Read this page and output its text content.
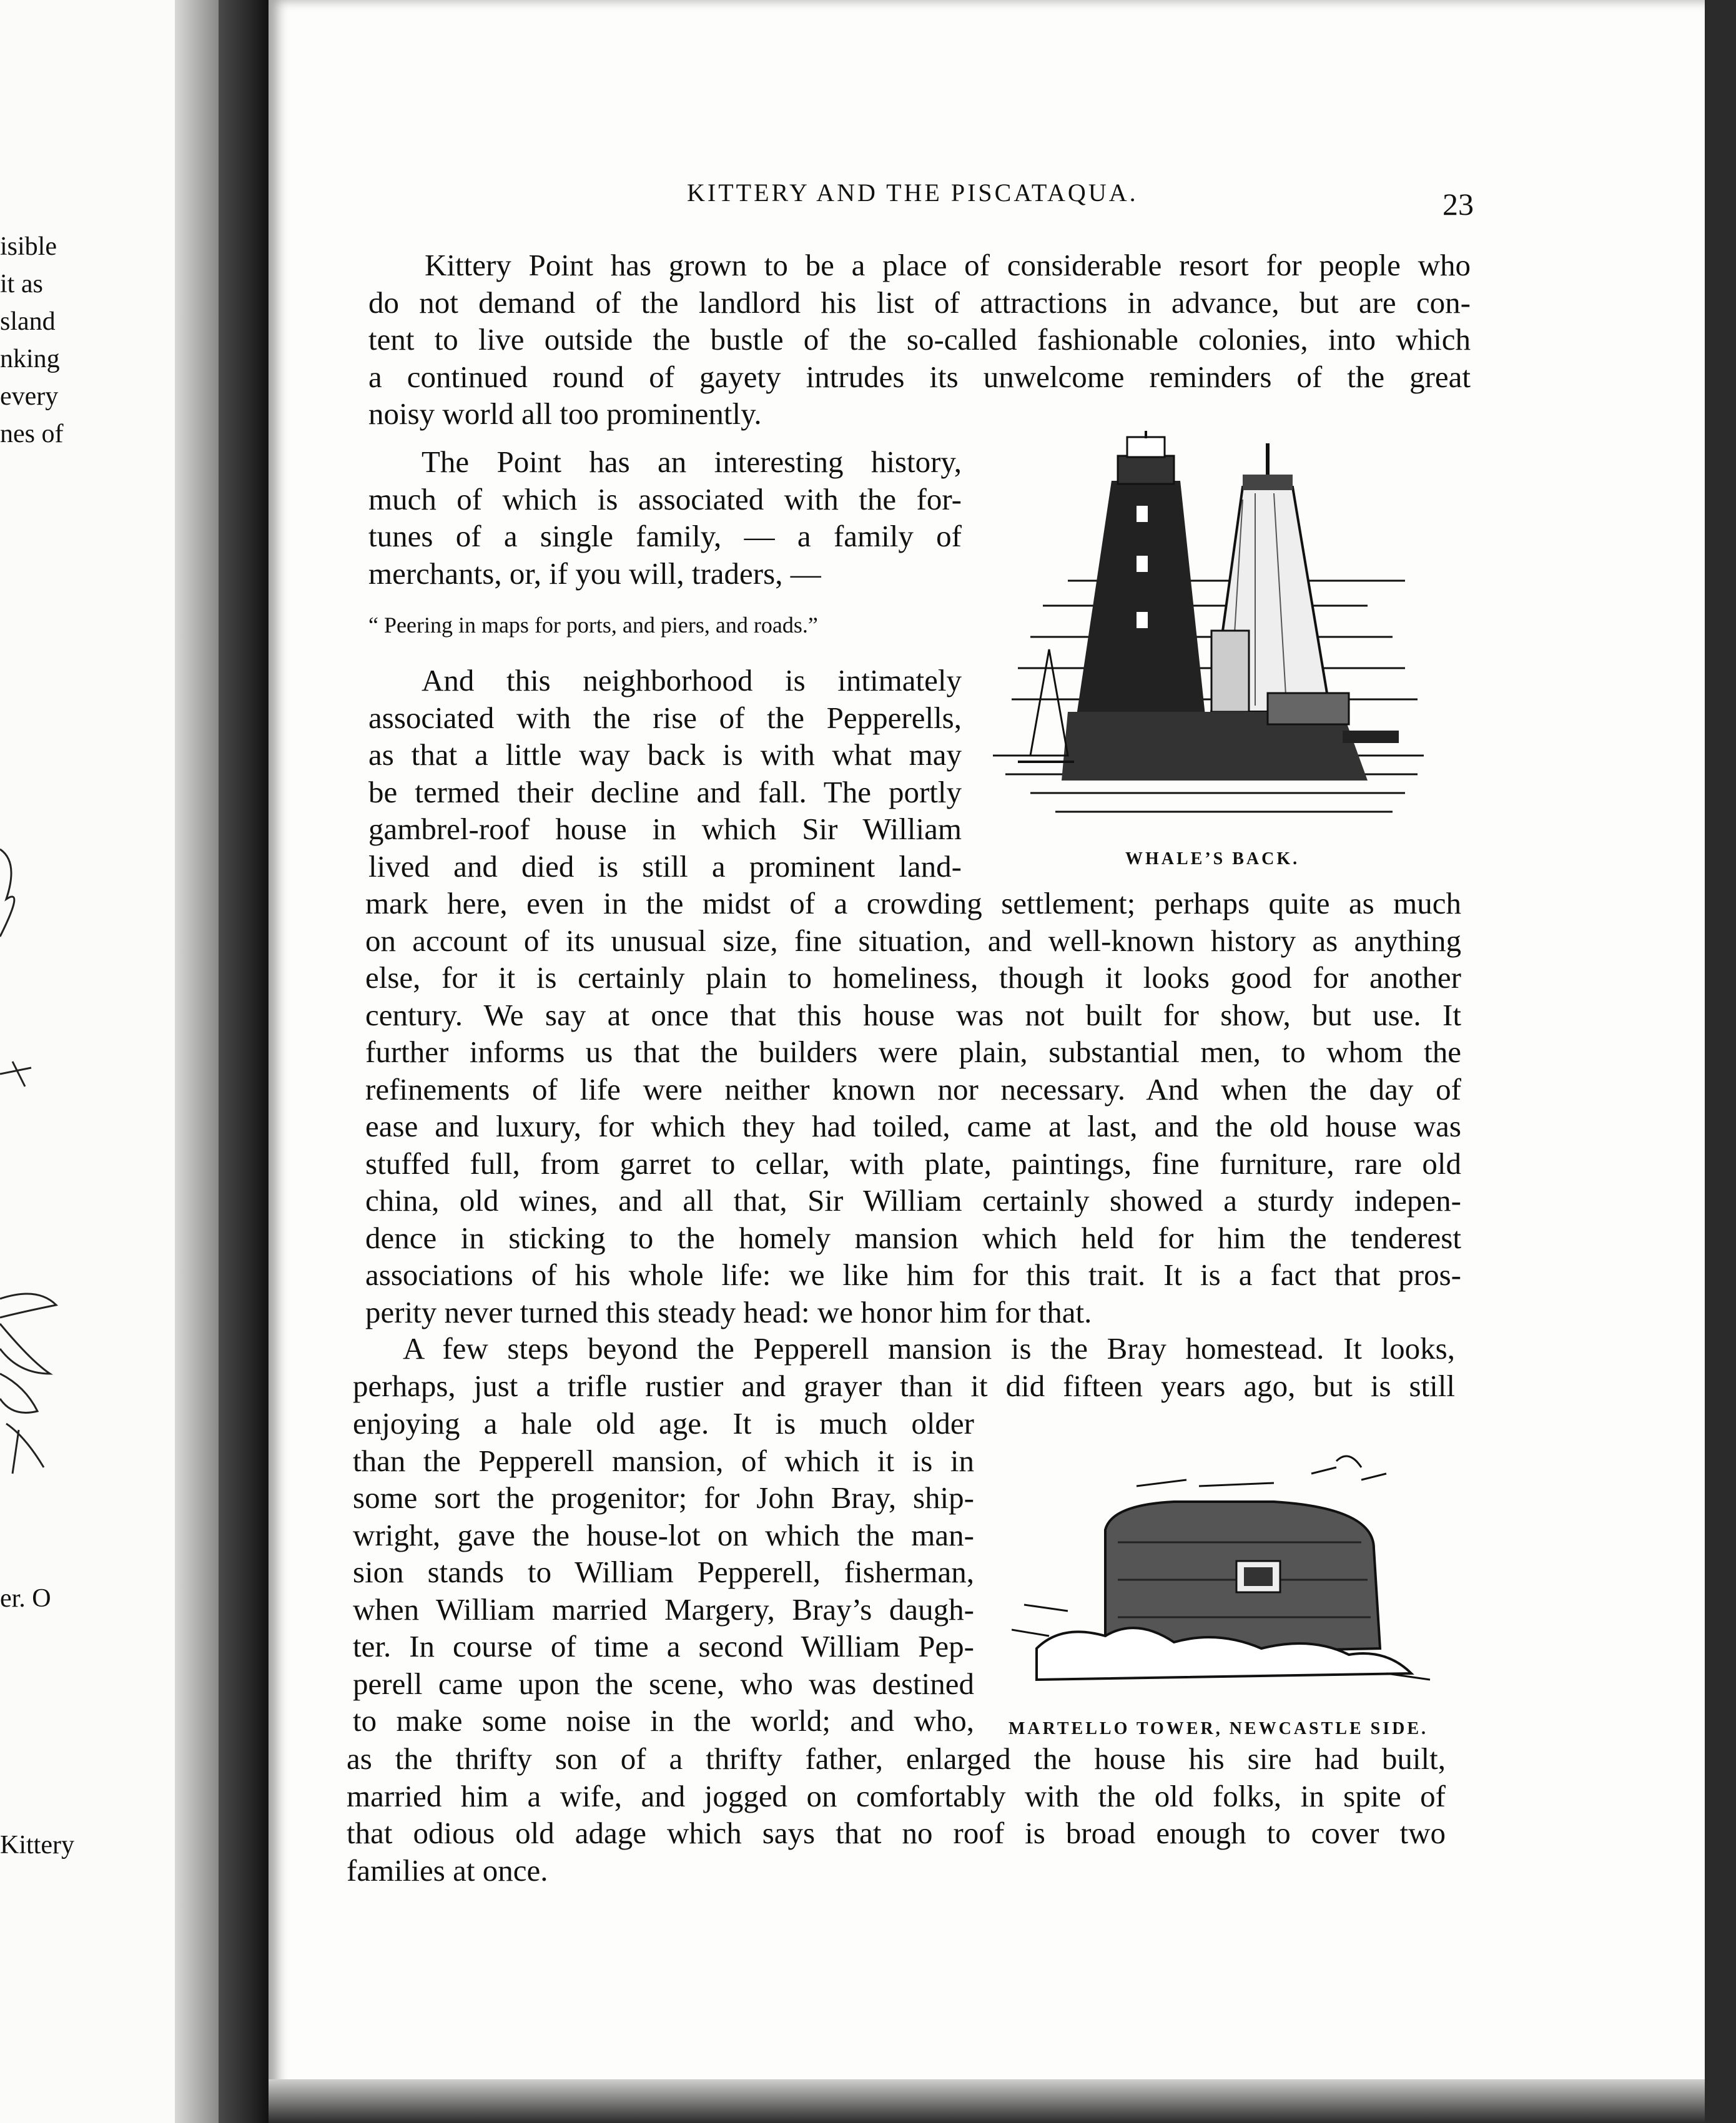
isible
it as
sland
nking
every
nes of
er. O
Kittery
KITTERY AND THE PISCATAQUA.	23

Kittery Point has grown to be a place of considerable resort for people who

do not demand of the landlord his list of attractions in advance, but are con-

tent to live outside the bustle of the so-called fashionable colonies, into which

a continued round of gayety intrudes its unwelcome reminders of the great

noisy world all too prominently.

The Point has an interesting history,

much of which is associated with the for-

tunes of a single family, — a family of

merchants, or, if you will, traders, —

“ Peering in maps for ports, and piers, and roads.”

And this neighborhood is intimately

associated with the rise of the Pepperells,

as that a little way back is with what may

be termed their decline and fall. The portly

gambrel-roof house in which Sir William

lived and died is still a prominent land-

mark here, even in the midst of a crowding settlement; perhaps quite as much

on account of its unusual size, fine situation, and well-known history as anything

else, for it is certainly plain to homeliness, though it looks good for another

century. We say at once that this house was not built for show, but use. It

further informs us that the builders were plain, substantial men, to whom the

refinements of life were neither known nor necessary. And when the day of

ease and luxury, for which they had toiled, came at last, and the old house was

stuffed full, from garret to cellar, with plate, paintings, fine furniture, rare old

china, old wines, and all that, Sir William certainly showed a sturdy indepen-

dence in sticking to the homely mansion which held for him the tenderest

associations of his whole life: we like him for this trait. It is a fact that pros-

perity never turned this steady head: we honor him for that.

A few steps beyond the Pepperell mansion is the Bray homestead. It looks,

perhaps, just a trifle rustier and grayer than it did fifteen years ago, but is still

enjoying a hale old age. It is much older

than the Pepperell mansion, of which it is in

some sort the progenitor; for John Bray, ship-

wright, gave the house-lot on which the man-

sion stands to William Pepperell, fisherman,

when William married Margery, Bray’s daugh-

ter. In course of time a second William Pep-

perell came upon the scene, who was destined

to make some noise in the world; and who,

as the thrifty son of a thrifty father, enlarged the house his sire had built,

married him a wife, and jogged on comfortably with the old folks, in spite of

that odious old adage which says that no roof is broad enough to cover two

families at once.

WHALE’S BACK.
MARTELLO TOWER, NEWCASTLE SIDE.
